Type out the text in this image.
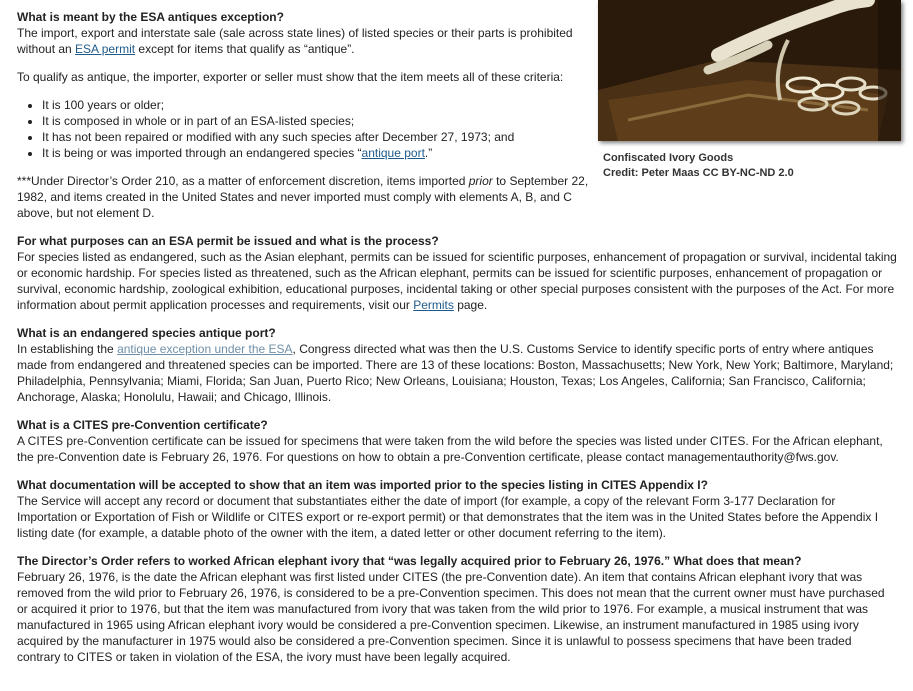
Confiscated Ivory Goods
Credit: Peter Maas CC BY-NC-ND 2.0
What is meant by the ESA antiques exception?

The import, export and interstate sale (sale across state lines) of listed species or their parts is prohibited without an ESA permit except for items that qualify as “antique”.

To qualify as antique, the importer, exporter or seller must show that the item meets all of these criteria:

• It is 100 years or older;
• It is composed in whole or in part of an ESA-listed species;
• It has not been repaired or modified with any such species after December 27, 1973; and
• It is being or was imported through an endangered species “antique port.”

***Under Director’s Order 210, as a matter of enforcement discretion, items imported prior to September 22, 1982, and items created in the United States and never imported must comply with elements A, B, and C above, but not element D.

For what purposes can an ESA permit be issued and what is the process?

For species listed as endangered, such as the Asian elephant, permits can be issued for scientific purposes, enhancement of propagation or survival, incidental taking or economic hardship. For species listed as threatened, such as the African elephant, permits can be issued for scientific purposes, enhancement of propagation or survival, economic hardship, zoological exhibition, educational purposes, incidental taking or other special purposes consistent with the purposes of the Act. For more information about permit application processes and requirements, visit our Permits page.

What is an endangered species antique port?

In establishing the antique exception under the ESA, Congress directed what was then the U.S. Customs Service to identify specific ports of entry where antiques made from endangered and threatened species can be imported. There are 13 of these locations: Boston, Massachusetts; New York, New York; Baltimore, Maryland; Philadelphia, Pennsylvania; Miami, Florida; San Juan, Puerto Rico; New Orleans, Louisiana; Houston, Texas; Los Angeles, California; San Francisco, California; Anchorage, Alaska; Honolulu, Hawaii; and Chicago, Illinois.

What is a CITES pre-Convention certificate?

A CITES pre-Convention certificate can be issued for specimens that were taken from the wild before the species was listed under CITES. For the African elephant, the pre-Convention date is February 26, 1976. For questions on how to obtain a pre-Convention certificate, please contact managementauthority@fws.gov.

What documentation will be accepted to show that an item was imported prior to the species listing in CITES Appendix I?

The Service will accept any record or document that substantiates either the date of import (for example, a copy of the relevant Form 3-177 Declaration for Importation or Exportation of Fish or Wildlife or CITES export or re-export permit) or that demonstrates that the item was in the United States before the Appendix I listing date (for example, a datable photo of the owner with the item, a dated letter or other document referring to the item).

The Director’s Order refers to worked African elephant ivory that “was legally acquired prior to February 26, 1976.” What does that mean?

February 26, 1976, is the date the African elephant was first listed under CITES (the pre-Convention date). An item that contains African elephant ivory that was removed from the wild prior to February 26, 1976, is considered to be a pre-Convention specimen. This does not mean that the current owner must have purchased or acquired it prior to 1976, but that the item was manufactured from ivory that was taken from the wild prior to 1976. For example, a musical instrument that was manufactured in 1965 using African elephant ivory would be considered a pre-Convention specimen. Likewise, an instrument manufactured in 1985 using ivory acquired by the manufacturer in 1975 would also be considered a pre-Convention specimen. Since it is unlawful to possess specimens that have been traded contrary to CITES or taken in violation of the ESA, the ivory must have been legally acquired.
